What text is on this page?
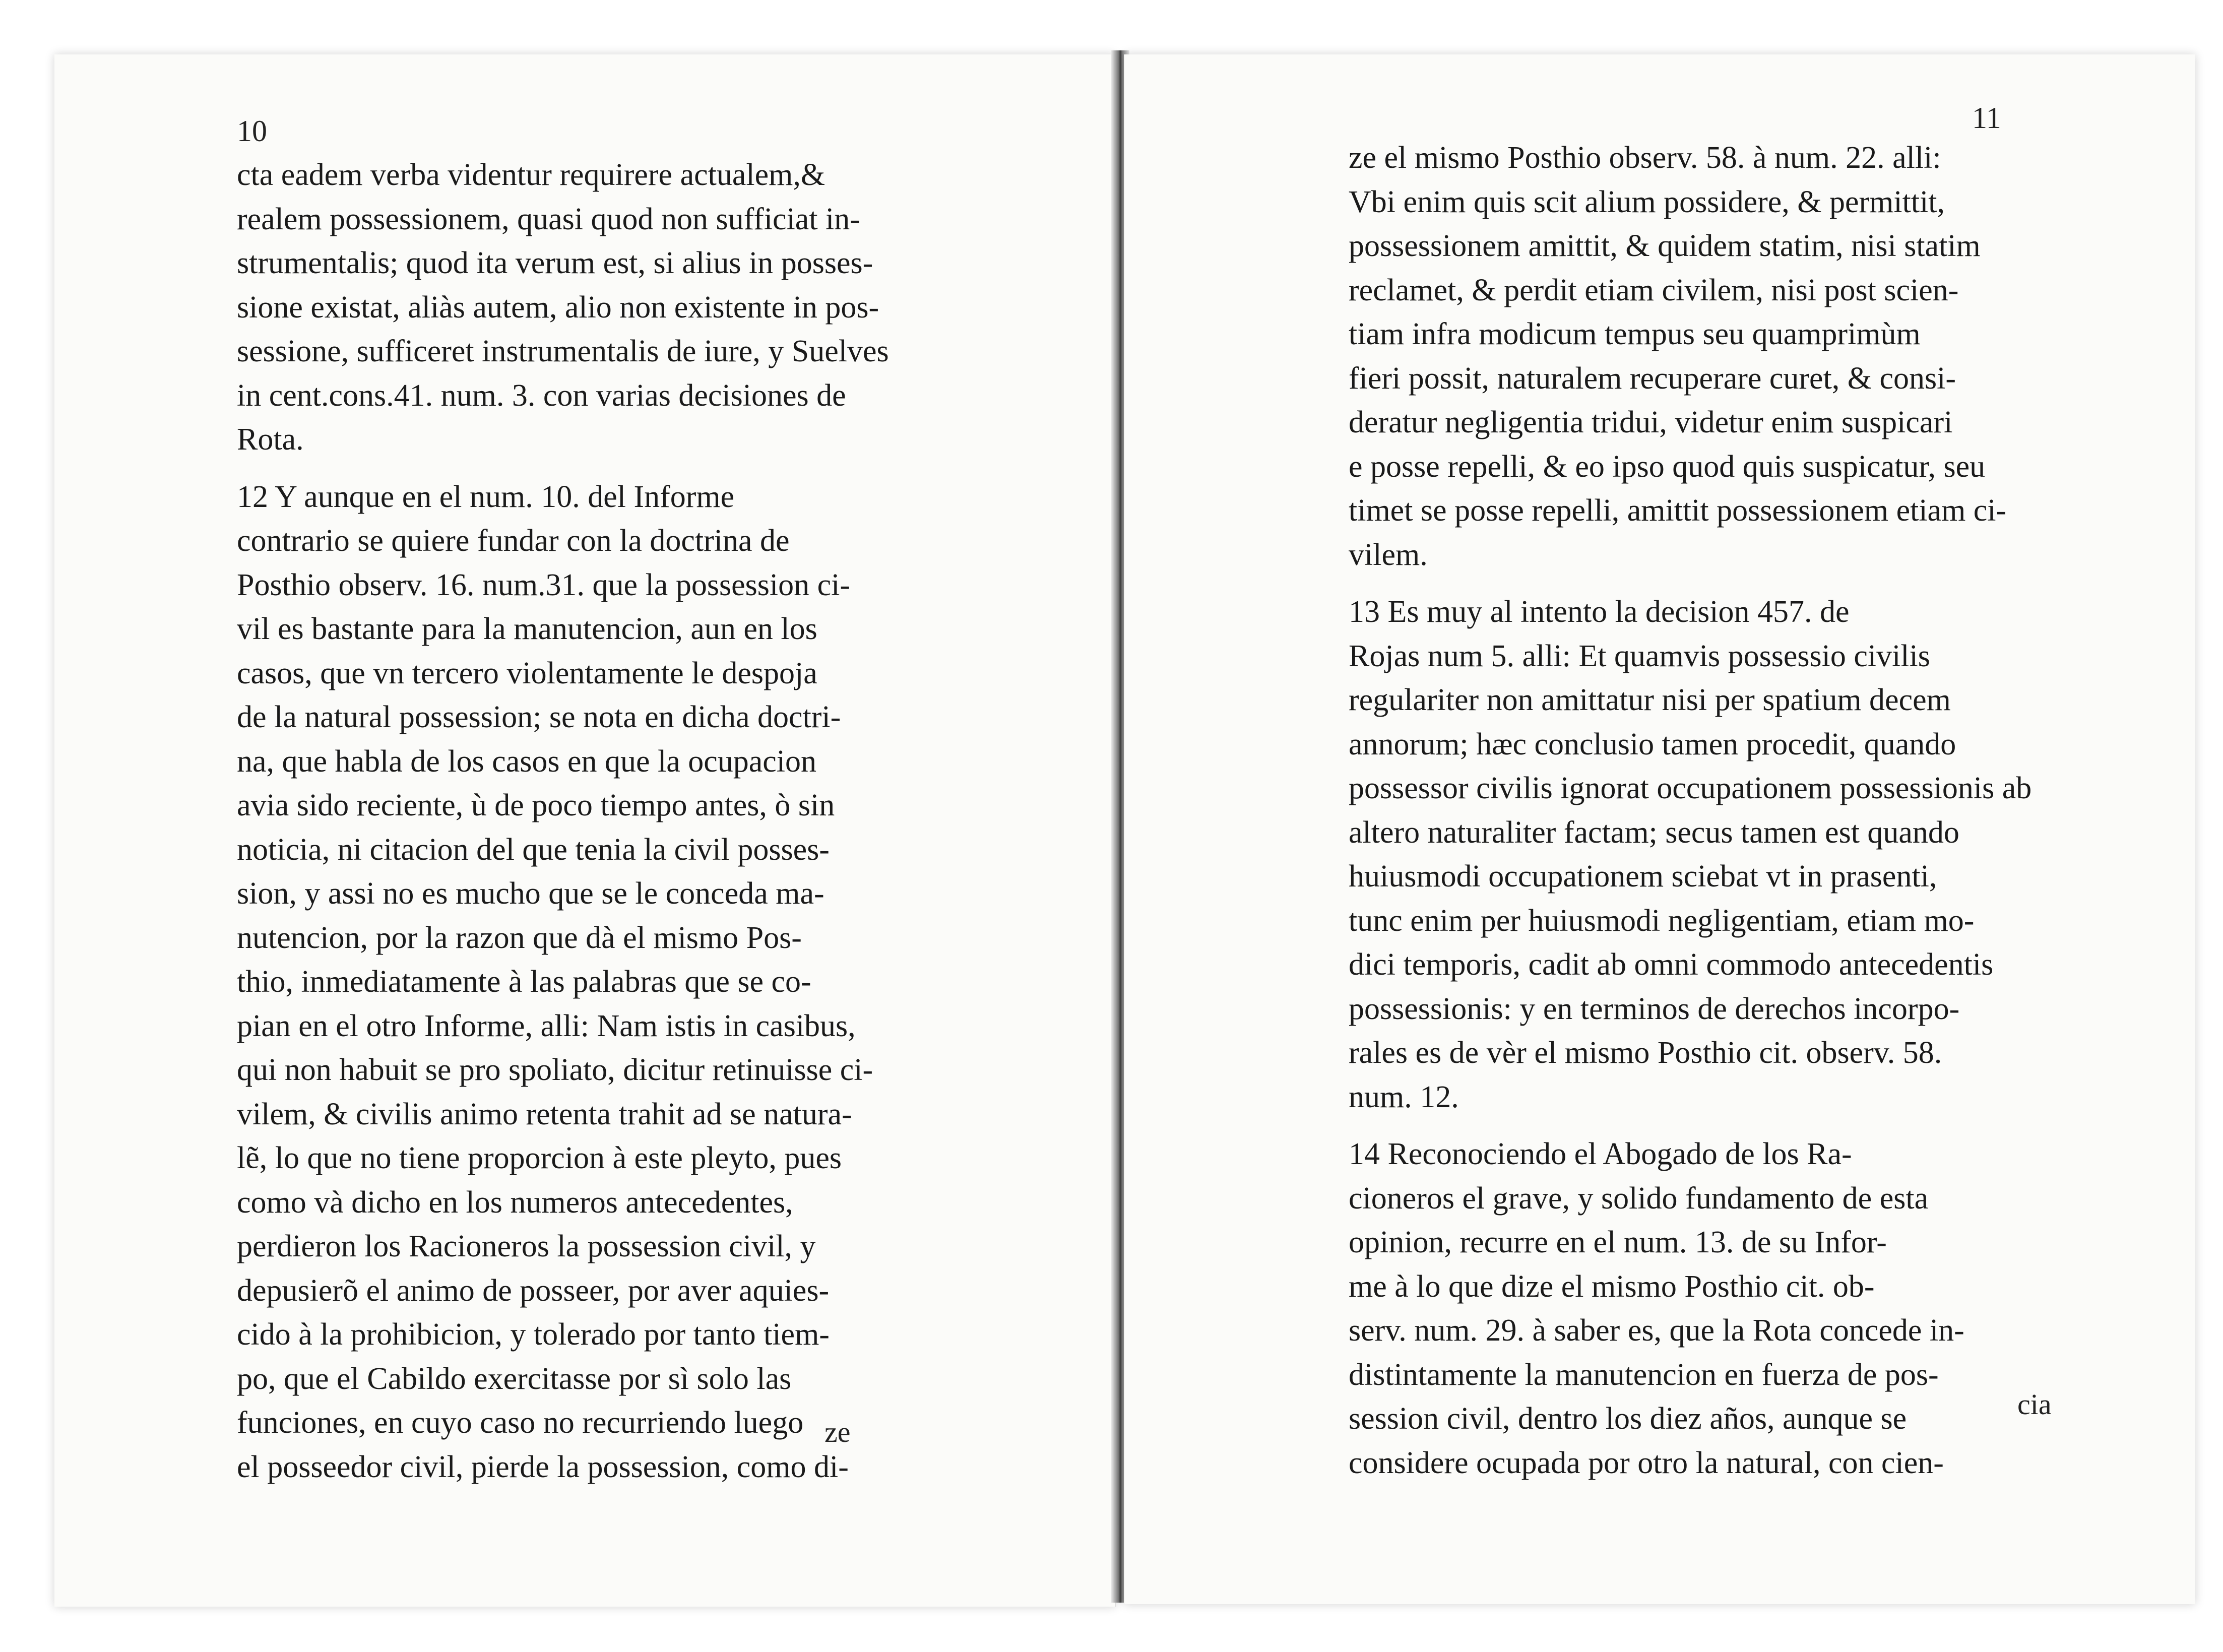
10
cta eadem verba videntur requirere actualem,&
realem possessionem, quasi quod non sufficiat in-
strumentalis; quod ita verum est, si alius in posses-
sione existat, aliàs autem, alio non existente in pos-
sessione, sufficeret instrumentalis de iure, y Suelves
in cent.cons.41. num. 3. con varias decisiones de
Rota.
12 Y aunque en el num. 10. del Informe
contrario se quiere fundar con la doctrina de
Posthio observ. 16. num.31. que la possession ci-
vil es bastante para la manutencion, aun en los
casos, que vn tercero violentamente le despoja
de la natural possession; se nota en dicha doctri-
na, que habla de los casos en que la ocupacion
avia sido reciente, ù de poco tiempo antes, ò sin
noticia, ni citacion del que tenia la civil posses-
sion, y assi no es mucho que se le conceda ma-
nutencion, por la razon que dà el mismo Pos-
thio, inmediatamente à las palabras que se co-
pian en el otro Informe, alli: Nam istis in casibus,
qui non habuit se pro spoliato, dicitur retinuisse ci-
vilem, & civilis animo retenta trahit ad se natura-
lẽ, lo que no tiene proporcion à este pleyto, pues
como và dicho en los numeros antecedentes,
perdieron los Racioneros la possession civil, y
depusierõ el animo de posseer, por aver aquies-
cido à la prohibicion, y tolerado por tanto tiem-
po, que el Cabildo exercitasse por sì solo las
funciones, en cuyo caso no recurriendo luego
el posseedor civil, pierde la possession, como di-
ze
11
ze el mismo Posthio observ. 58. à num. 22. alli:
Vbi enim quis scit alium possidere, & permittit,
possessionem amittit, & quidem statim, nisi statim
reclamet, & perdit etiam civilem, nisi post scien-
tiam infra modicum tempus seu quamprimùm
fieri possit, naturalem recuperare curet, & consi-
deratur negligentia tridui, videtur enim suspicari
e posse repelli, & eo ipso quod quis suspicatur, seu
timet se posse repelli, amittit possessionem etiam ci-
vilem.
13 Es muy al intento la decision 457. de
Rojas num 5. alli: Et quamvis possessio civilis
regulariter non amittatur nisi per spatium decem
annorum; hæc conclusio tamen procedit, quando
possessor civilis ignorat occupationem possessionis ab
altero naturaliter factam; secus tamen est quando
huiusmodi occupationem sciebat vt in prasenti,
tunc enim per huiusmodi negligentiam, etiam mo-
dici temporis, cadit ab omni commodo antecedentis
possessionis: y en terminos de derechos incorpo-
rales es de vèr el mismo Posthio cit. observ. 58.
num. 12.
14 Reconociendo el Abogado de los Ra-
cioneros el grave, y solido fundamento de esta
opinion, recurre en el num. 13. de su Infor-
me à lo que dize el mismo Posthio cit. ob-
serv. num. 29. à saber es, que la Rota concede in-
distintamente la manutencion en fuerza de pos-
session civil, dentro los diez años, aunque se
considere ocupada por otro la natural, con cien-
cia
